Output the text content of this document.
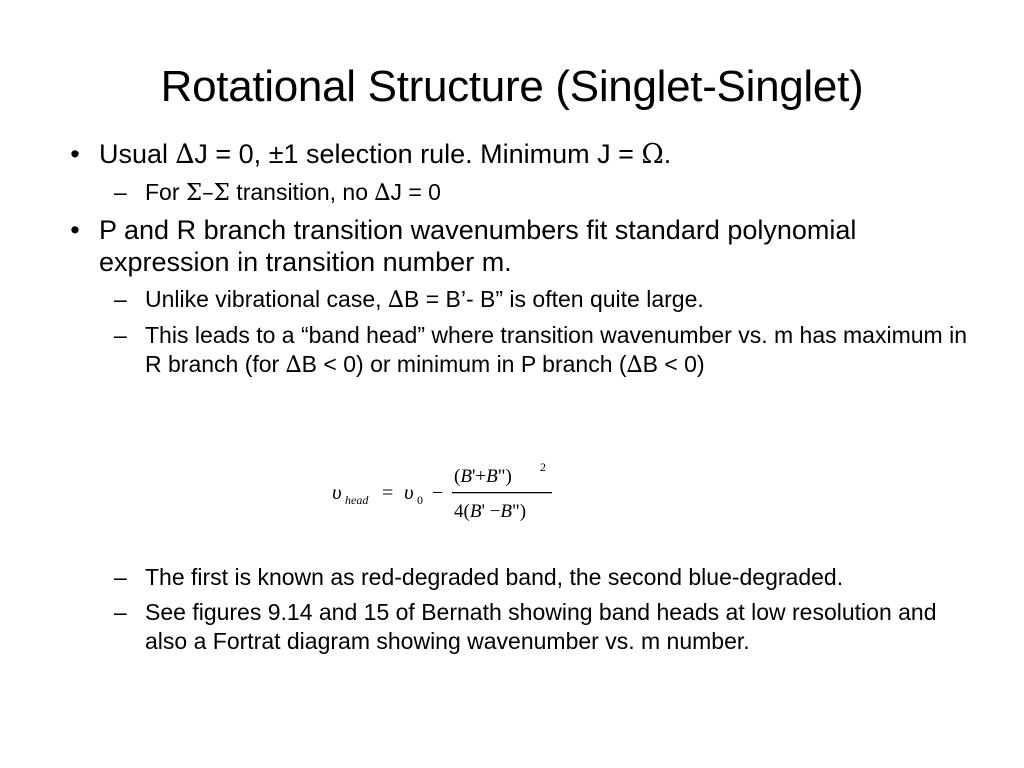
Rotational Structure (Singlet-Singlet)
• Usual ∆J = 0, ±1 selection rule. Minimum J = Ω.
– For Σ–Σ transition, no ∆J = 0
• P and R branch transition wavenumbers fit standard polynomial expression in transition number m.
– Unlike vibrational case, ∆B = B’- B” is often quite large.
– This leads to a “band head” where transition wavenumber vs. m has maximum in R branch (for ∆B < 0) or minimum in P branch (∆B < 0)
υ head = υ 0 −
(B'+B") 2
4(B' −B")
– The first is known as red-degraded band, the second blue-degraded.
– See figures 9.14 and 15 of Bernath showing band heads at low resolution and also a Fortrat diagram showing wavenumber vs. m number.
